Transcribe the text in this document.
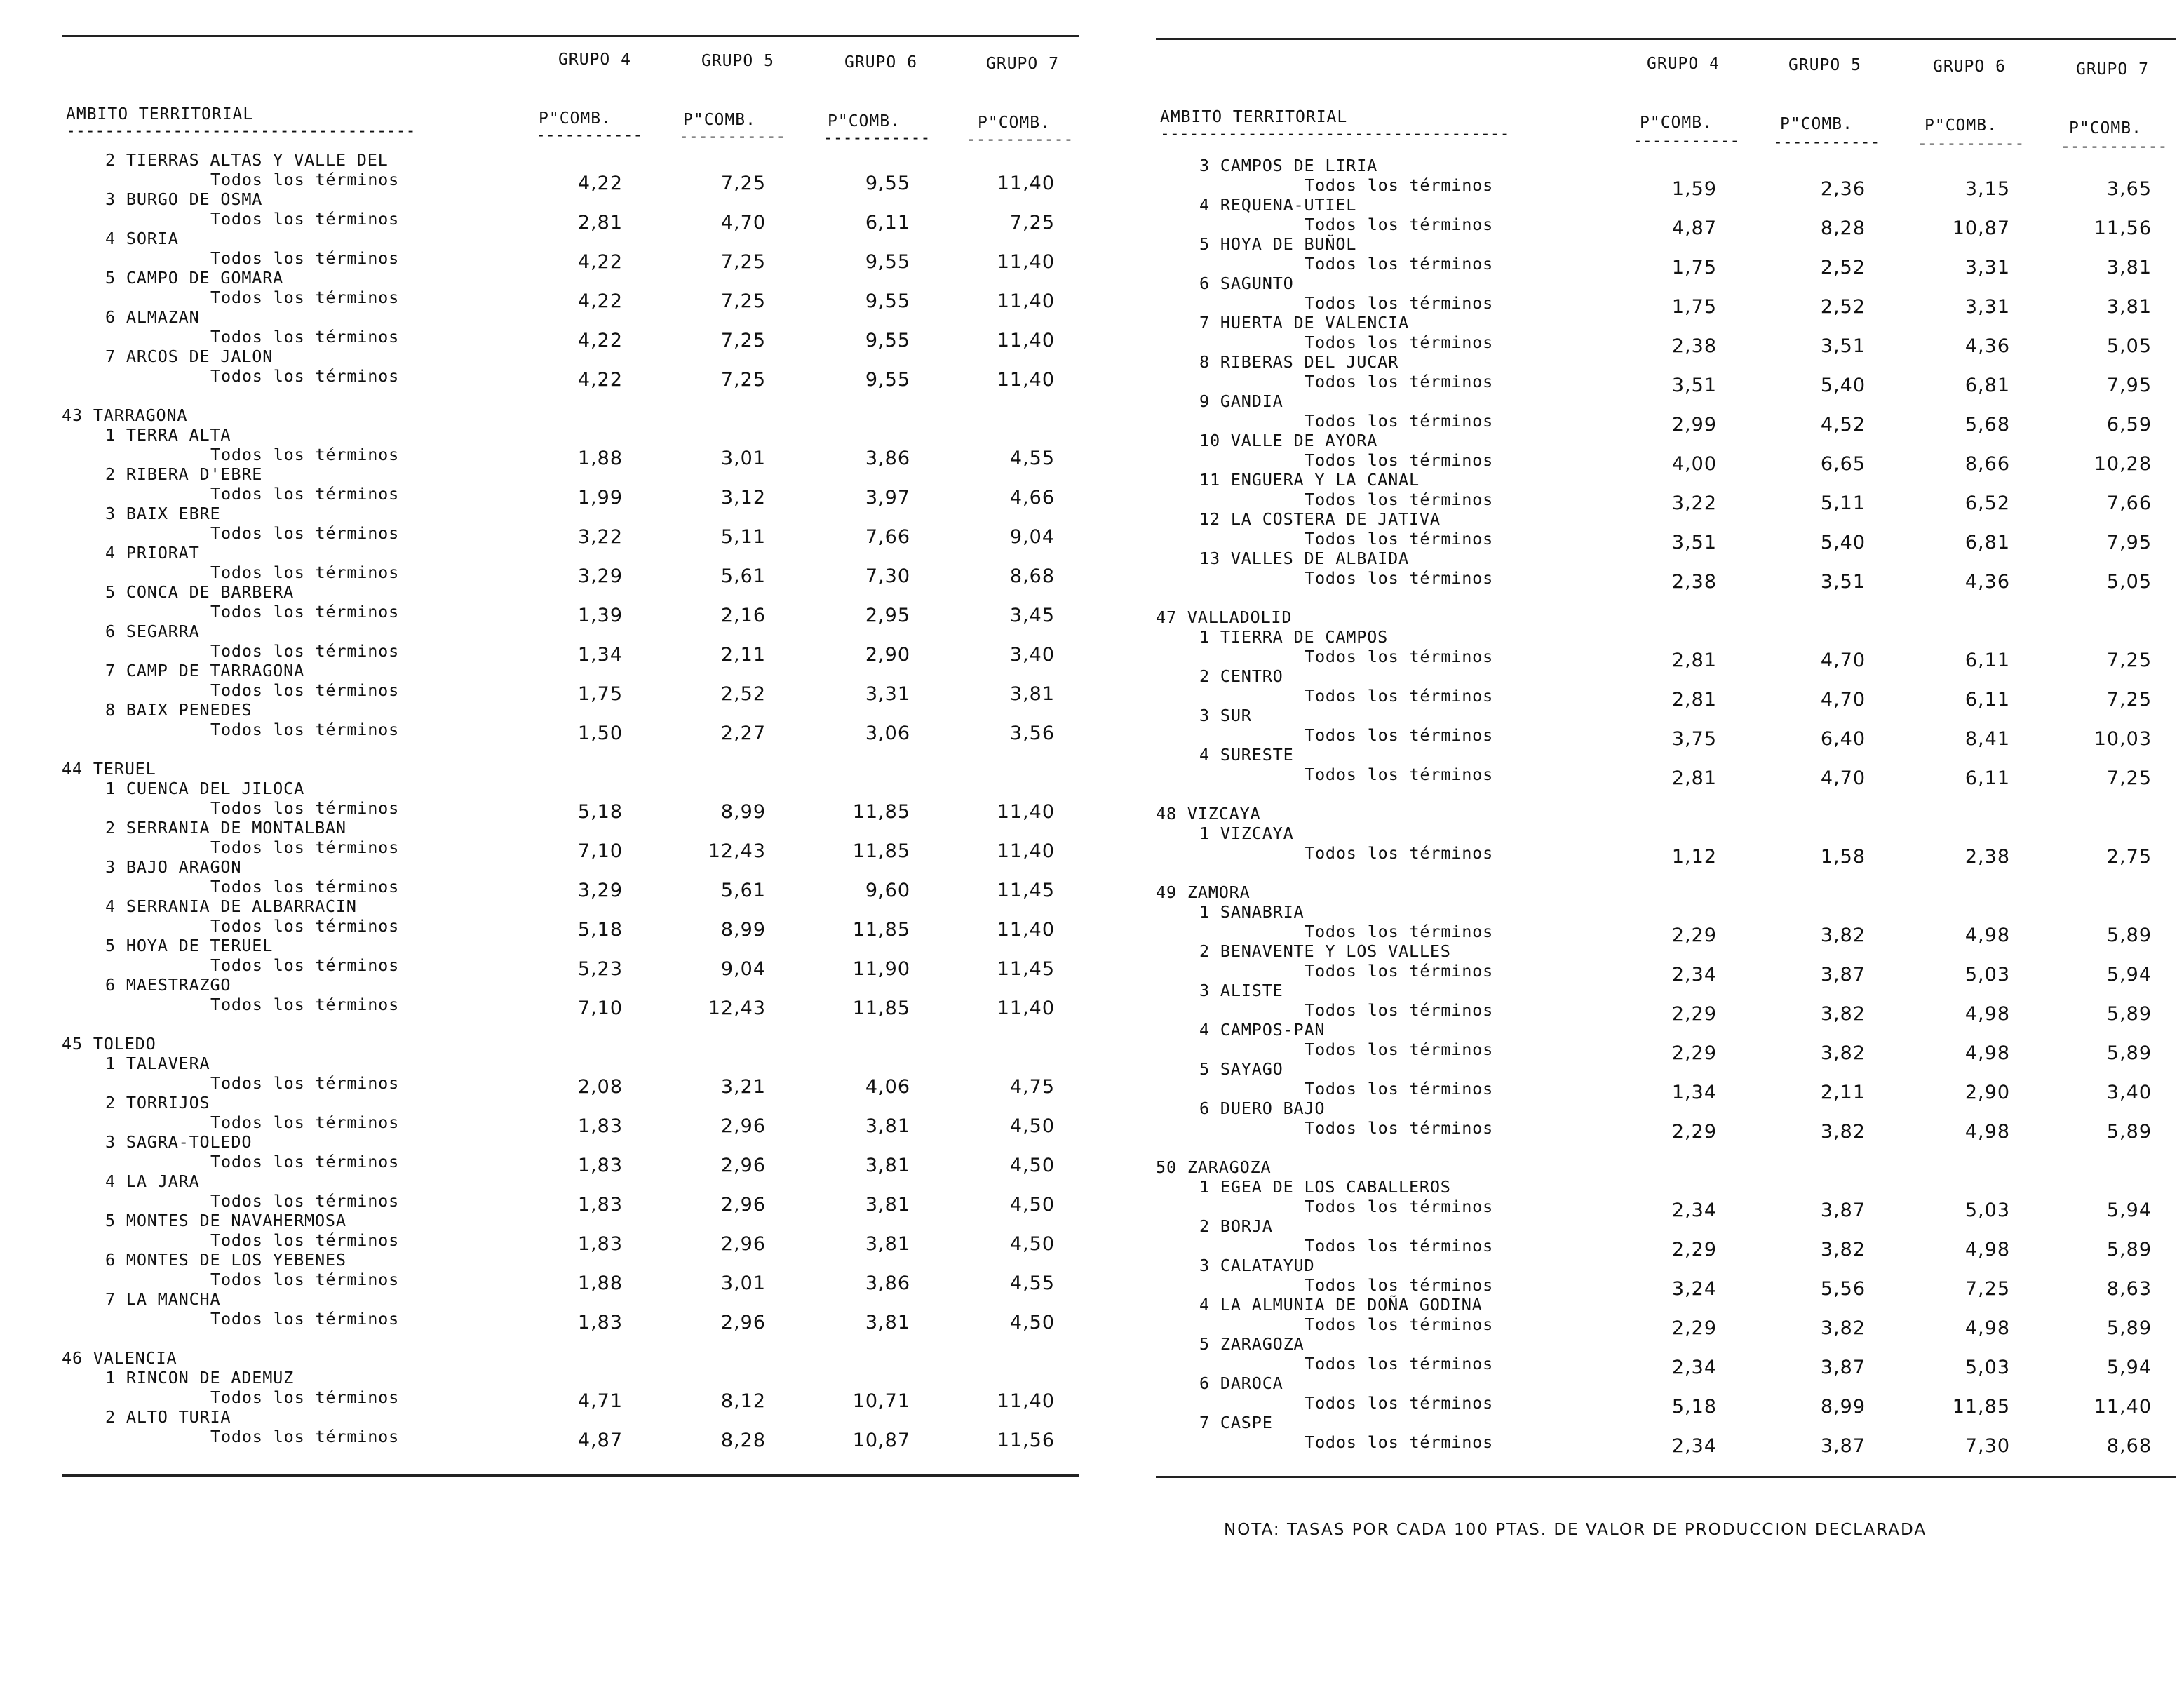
GRUPO 4	GRUPO 5	GRUPO 6	GRUPO 7
AMBITO TERRITORIAL
------------------------------------
P"COMB.	P"COMB.	P"COMB.	P"COMB.
----------- ----------- ----------- -----------
2 TIERRAS ALTAS Y VALLE DEL
Todos los términos	4,22	7,25	9,55	11,40
3 BURGO DE OSMA
Todos los términos	2,81	4,70	6,11	7,25
4 SORIA
Todos los términos	4,22	7,25	9,55	11,40
5 CAMPO DE GOMARA
Todos los términos	4,22	7,25	9,55	11,40
6 ALMAZAN
Todos los términos	4,22	7,25	9,55	11,40
7 ARCOS DE JALON
Todos los términos	4,22	7,25	9,55	11,40
43 TARRAGONA
1 TERRA ALTA
Todos los términos	1,88	3,01	3,86	4,55
2 RIBERA D'EBRE
Todos los términos	1,99	3,12	3,97	4,66
3 BAIX EBRE
Todos los términos	3,22	5,11	7,66	9,04
4 PRIORAT
Todos los términos	3,29	5,61	7,30	8,68
5 CONCA DE BARBERA
Todos los términos	1,39	2,16	2,95	3,45
6 SEGARRA
Todos los términos	1,34	2,11	2,90	3,40
7 CAMP DE TARRAGONA
Todos los términos	1,75	2,52	3,31	3,81
8 BAIX PENEDES
Todos los términos	1,50	2,27	3,06	3,56
44 TERUEL
1 CUENCA DEL JILOCA
Todos los términos	5,18	8,99	11,85	11,40
2 SERRANIA DE MONTALBAN
Todos los términos	7,10	12,43	11,85	11,40
3 BAJO ARAGON
Todos los términos	3,29	5,61	9,60	11,45
4 SERRANIA DE ALBARRACIN
Todos los términos	5,18	8,99	11,85	11,40
5 HOYA DE TERUEL
Todos los términos	5,23	9,04	11,90	11,45
6 MAESTRAZGO
Todos los términos	7,10	12,43	11,85	11,40
45 TOLEDO
1 TALAVERA
Todos los términos	2,08	3,21	4,06	4,75
2 TORRIJOS
Todos los términos	1,83	2,96	3,81	4,50
3 SAGRA-TOLEDO
Todos los términos	1,83	2,96	3,81	4,50
4 LA JARA
Todos los términos	1,83	2,96	3,81	4,50
5 MONTES DE NAVAHERMOSA
Todos los términos	1,83	2,96	3,81	4,50
6 MONTES DE LOS YEBENES
Todos los términos	1,88	3,01	3,86	4,55
7 LA MANCHA
Todos los términos	1,83	2,96	3,81	4,50
46 VALENCIA
1 RINCON DE ADEMUZ
Todos los términos	4,71	8,12	10,71	11,40
2 ALTO TURIA
Todos los términos	4,87	8,28	10,87	11,56
GRUPO 4	GRUPO 5	GRUPO 6	GRUPO 7
AMBITO TERRITORIAL
------------------------------------
P"COMB.	P"COMB.	P"COMB.	P"COMB.
----------- ----------- ----------- -----------
3 CAMPOS DE LIRIA
Todos los términos	1,59	2,36	3,15	3,65
4 REQUENA-UTIEL
Todos los términos	4,87	8,28	10,87	11,56
5 HOYA DE BUÑOL
Todos los términos	1,75	2,52	3,31	3,81
6 SAGUNTO
Todos los términos	1,75	2,52	3,31	3,81
7 HUERTA DE VALENCIA
Todos los términos	2,38	3,51	4,36	5,05
8 RIBERAS DEL JUCAR
Todos los términos	3,51	5,40	6,81	7,95
9 GANDIA
Todos los términos	2,99	4,52	5,68	6,59
10 VALLE DE AYORA
Todos los términos	4,00	6,65	8,66	10,28
11 ENGUERA Y LA CANAL
Todos los términos	3,22	5,11	6,52	7,66
12 LA COSTERA DE JATIVA
Todos los términos	3,51	5,40	6,81	7,95
13 VALLES DE ALBAIDA
Todos los términos	2,38	3,51	4,36	5,05
47 VALLADOLID
1 TIERRA DE CAMPOS
Todos los términos	2,81	4,70	6,11	7,25
2 CENTRO
Todos los términos	2,81	4,70	6,11	7,25
3 SUR
Todos los términos	3,75	6,40	8,41	10,03
4 SURESTE
Todos los términos	2,81	4,70	6,11	7,25
48 VIZCAYA
1 VIZCAYA
Todos los términos	1,12	1,58	2,38	2,75
49 ZAMORA
1 SANABRIA
Todos los términos	2,29	3,82	4,98	5,89
2 BENAVENTE Y LOS VALLES
Todos los términos	2,34	3,87	5,03	5,94
3 ALISTE
Todos los términos	2,29	3,82	4,98	5,89
4 CAMPOS-PAN
Todos los términos	2,29	3,82	4,98	5,89
5 SAYAGO
Todos los términos	1,34	2,11	2,90	3,40
6 DUERO BAJO
Todos los términos	2,29	3,82	4,98	5,89
50 ZARAGOZA
1 EGEA DE LOS CABALLEROS
Todos los términos	2,34	3,87	5,03	5,94
2 BORJA
Todos los términos	2,29	3,82	4,98	5,89
3 CALATAYUD
Todos los términos	3,24	5,56	7,25	8,63
4 LA ALMUNIA DE DOÑA GODINA
Todos los términos	2,29	3,82	4,98	5,89
5 ZARAGOZA
Todos los términos	2,34	3,87	5,03	5,94
6 DAROCA
Todos los términos	5,18	8,99	11,85	11,40
7 CASPE
Todos los términos	2,34	3,87	7,30	8,68
NOTA: TASAS POR CADA 100 PTAS. DE VALOR DE PRODUCCION DECLARADA
